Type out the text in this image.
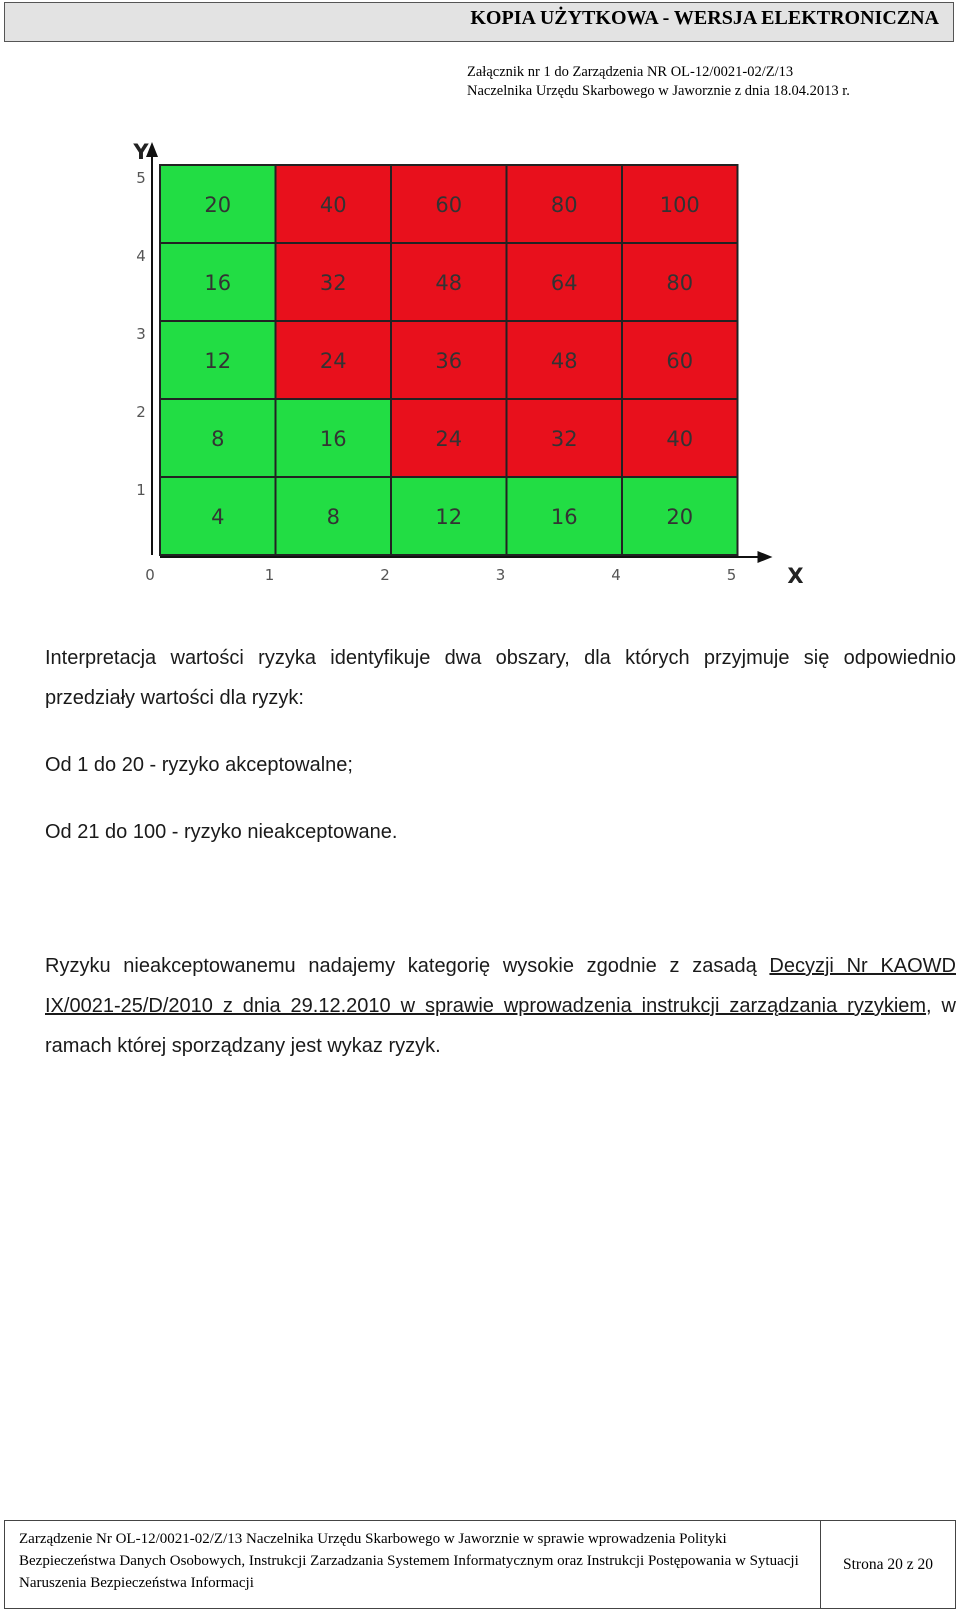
KOPIA UŻYTKOWA - WERSJA ELEKTRONICZNA
Załącznik nr 1 do Zarządzenia NR OL-12/0021-02/Z/13
Naczelnika Urzędu Skarbowego w Jaworznie z dnia 18.04.2013 r.
20	40	60	80	100
16	32	48	64	80
12	24	36	48	60
8	16	24	32	40
4	8	12	16	20
0	1	2	3	4	5
1
2
3
4
5
X
Y

Interpretacja wartości ryzyka identyfikuje dwa obszary, dla których przyjmuje się odpowiednio przedziały wartości dla ryzyk:

Od 1 do 20 - ryzyko akceptowalne;

Od 21 do 100 - ryzyko nieakceptowane.

Ryzyku nieakceptowanemu nadajemy kategorię wysokie zgodnie z zasadą Decyzji Nr KAOWD IX/0021-25/D/2010 z dnia 29.12.2010 w sprawie wprowadzenia instrukcji zarządzania ryzykiem, w ramach której sporządzany jest wykaz ryzyk.

Zarządzenie Nr OL-12/0021-02/Z/13 Naczelnika Urzędu Skarbowego w Jaworznie w sprawie wprowadzenia Polityki Bezpieczeństwa Danych Osobowych, Instrukcji Zarzadzania Systemem Informatycznym oraz Instrukcji Postępowania w Sytuacji Naruszenia Bezpieczeństwa Informacji
Strona 20 z 20
